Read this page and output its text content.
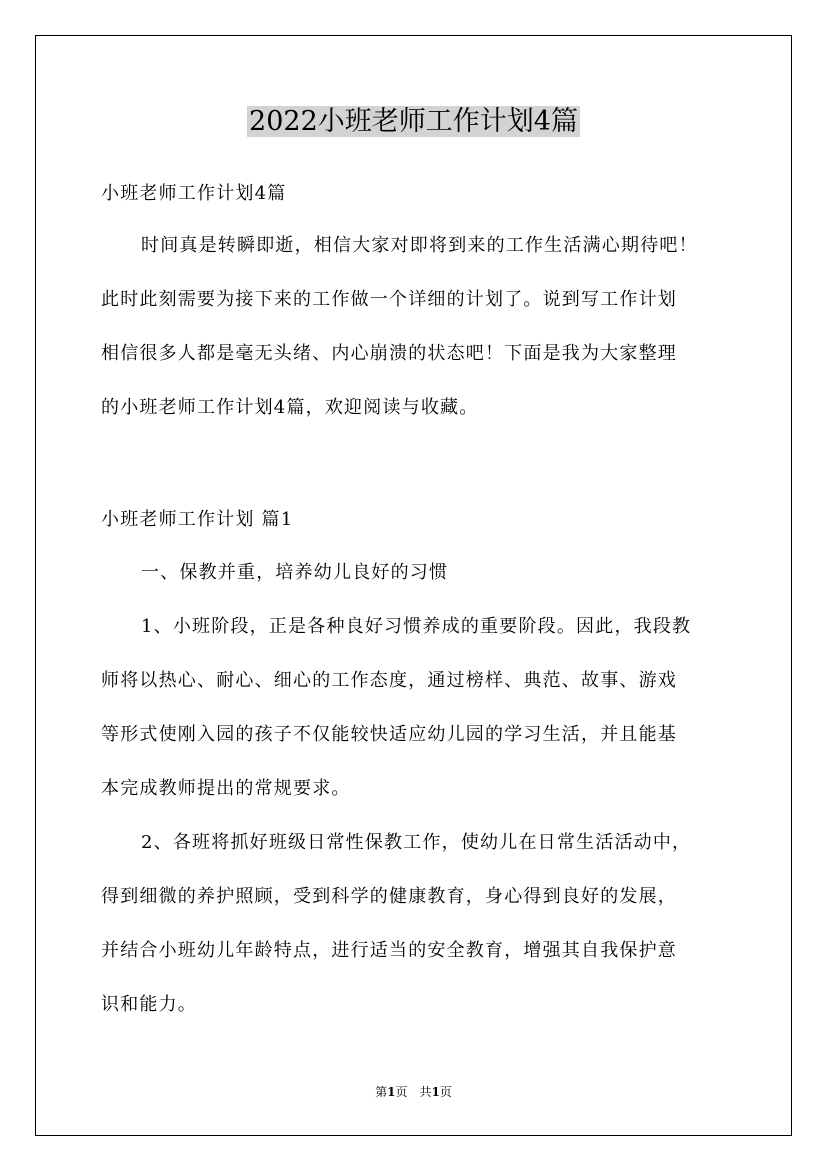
2022小班老师工作计划4篇
小班老师工作计划4篇
时间真是转瞬即逝，相信大家对即将到来的工作生活满心期待吧！
此时此刻需要为接下来的工作做一个详细的计划了。说到写工作计划
相信很多人都是毫无头绪、内心崩溃的状态吧！下面是我为大家整理
的小班老师工作计划4篇，欢迎阅读与收藏。
小班老师工作计划 篇1
一、保教并重，培养幼儿良好的习惯
1、小班阶段，正是各种良好习惯养成的重要阶段。因此，我段教
师将以热心、耐心、细心的工作态度，通过榜样、典范、故事、游戏
等形式使刚入园的孩子不仅能较快适应幼儿园的学习生活，并且能基
本完成教师提出的常规要求。
2、各班将抓好班级日常性保教工作，使幼儿在日常生活活动中，
得到细微的养护照顾，受到科学的健康教育，身心得到良好的发展，
并结合小班幼儿年龄特点，进行适当的安全教育，增强其自我保护意
识和能力。
第1页　共1页
